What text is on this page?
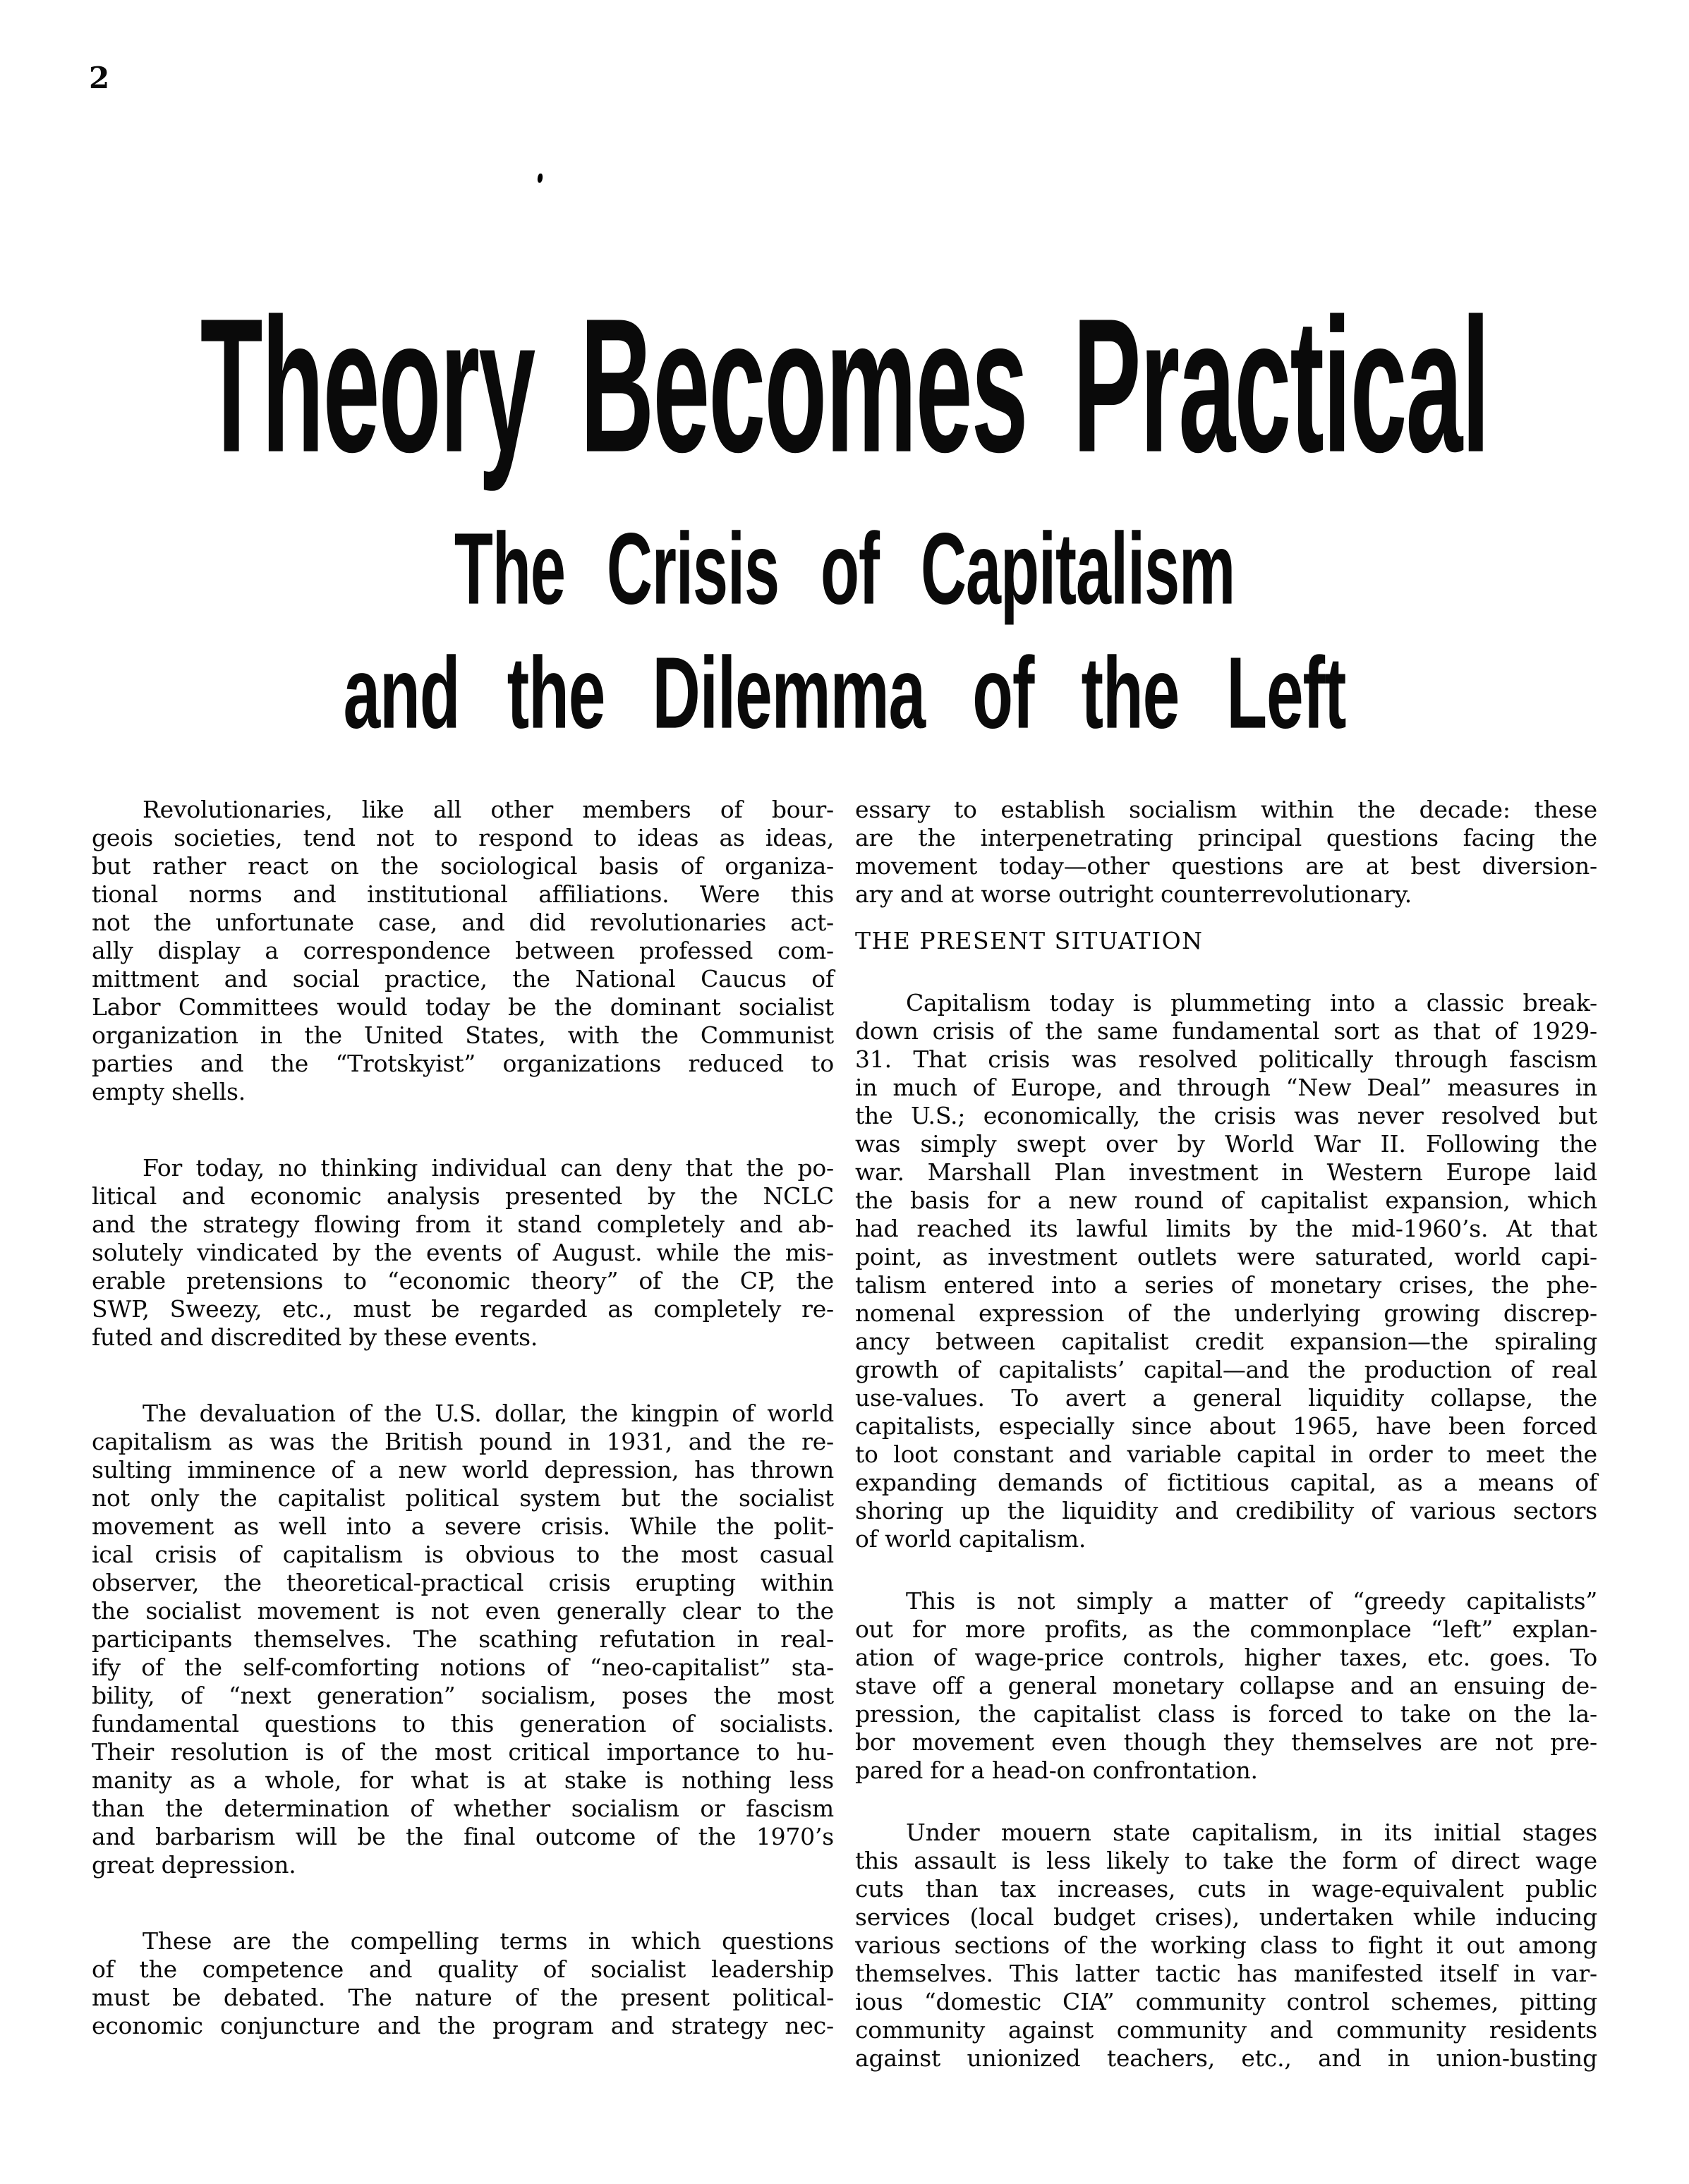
2
Theory Becomes Practical
The Crisis of Capitalism
and the Dilemma of the Left
Revolutionaries, like all other members of bour-
geois societies, tend not to respond to ideas as ideas,
but rather react on the sociological basis of organiza-
tional norms and institutional affiliations. Were this
not the unfortunate case, and did revolutionaries act-
ally display a correspondence between professed com-
mittment and social practice, the National Caucus of
Labor Committees would today be the dominant socialist
organization in the United States, with the Communist
parties and the “Trotskyist” organizations reduced to
empty shells.
For today, no thinking individual can deny that the po-
litical and economic analysis presented by the NCLC
and the strategy flowing from it stand completely and ab-
solutely vindicated by the events of August. while the mis-
erable pretensions to “economic theory” of the CP, the
SWP, Sweezy, etc., must be regarded as completely re-
futed and discredited by these events.
The devaluation of the U.S. dollar, the kingpin of world
capitalism as was the British pound in 1931, and the re-
sulting imminence of a new world depression, has thrown
not only the capitalist political system but the socialist
movement as well into a severe crisis. While the polit-
ical crisis of capitalism is obvious to the most casual
observer, the theoretical-practical crisis erupting within
the socialist movement is not even generally clear to the
participants themselves. The scathing refutation in real-
ify of the self-comforting notions of “neo-capitalist” sta-
bility, of “next generation” socialism, poses the most
fundamental questions to this generation of socialists.
Their resolution is of the most critical importance to hu-
manity as a whole, for what is at stake is nothing less
than the determination of whether socialism or fascism
and barbarism will be the final outcome of the 1970’s
great depression.
These are the compelling terms in which questions
of the competence and quality of socialist leadership
must be debated. The nature of the present political-
economic conjuncture and the program and strategy nec-
essary to establish socialism within the decade: these
are the interpenetrating principal questions facing the
movement today—other questions are at best diversion-
ary and at worse outright counterrevolutionary.
THE PRESENT SITUATION
Capitalism today is plummeting into a classic break-
down crisis of the same fundamental sort as that of 1929-
31. That crisis was resolved politically through fascism
in much of Europe, and through “New Deal” measures in
the U.S.; economically, the crisis was never resolved but
was simply swept over by World War II. Following the
war. Marshall Plan investment in Western Europe laid
the basis for a new round of capitalist expansion, which
had reached its lawful limits by the mid-1960’s. At that
point, as investment outlets were saturated, world capi-
talism entered into a series of monetary crises, the phe-
nomenal expression of the underlying growing discrep-
ancy between capitalist credit expansion—the spiraling
growth of capitalists’ capital—and the production of real
use-values. To avert a general liquidity collapse, the
capitalists, especially since about 1965, have been forced
to loot constant and variable capital in order to meet the
expanding demands of fictitious capital, as a means of
shoring up the liquidity and credibility of various sectors
of world capitalism.
This is not simply a matter of “greedy capitalists”
out for more profits, as the commonplace “left” explan-
ation of wage-price controls, higher taxes, etc. goes. To
stave off a general monetary collapse and an ensuing de-
pression, the capitalist class is forced to take on the la-
bor movement even though they themselves are not pre-
pared for a head-on confrontation.
Under mouern state capitalism, in its initial stages
this assault is less likely to take the form of direct wage
cuts than tax increases, cuts in wage-equivalent public
services (local budget crises), undertaken while inducing
various sections of the working class to fight it out among
themselves. This latter tactic has manifested itself in var-
ious “domestic CIA” community control schemes, pitting
community against community and community residents
against unionized teachers, etc., and in union-busting
